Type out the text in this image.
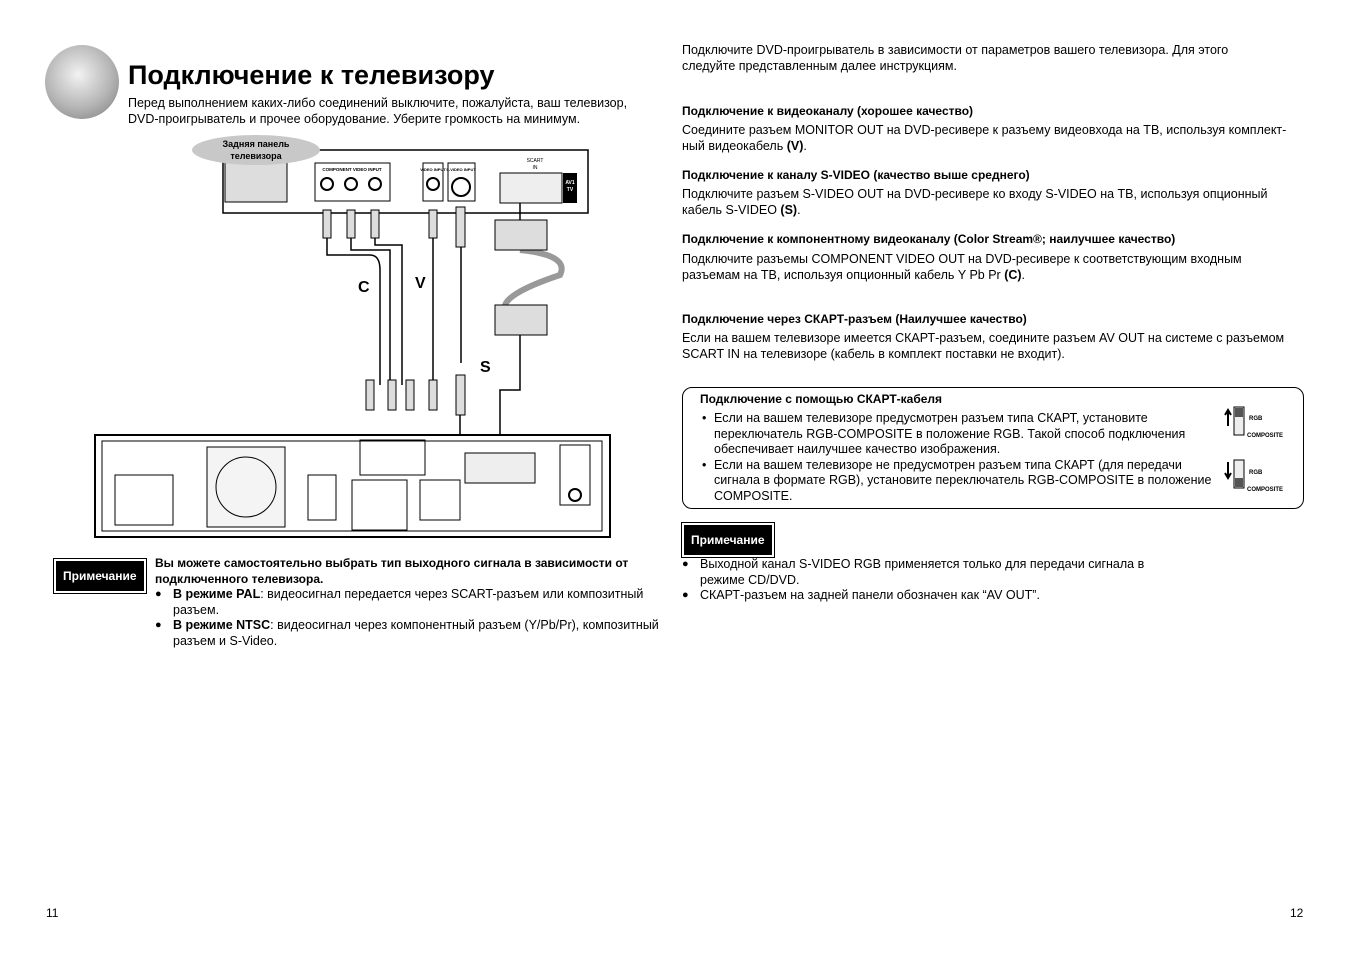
Подключение к телевизору
Перед выполнением каких-либо соединений выключите, пожалуйста, ваш телевизор, DVD-проигрыватель и прочее оборудование. Уберите громкость на минимум.
Задняя панель
телевизора
COMPONENT VIDEO INPUT	VIDEO INPUT S-VIDEO INPUT
SCART
IN
AV1
TV
C	V
S
Примечание
Вы можете самостоятельно выбрать тип выходного сигнала в зависимости от подключенного телевизора.
● В режиме PAL: видеосигнал передается через SCART-разъем или композитный разъем.
● В режиме NTSC: видеосигнал через компонентный разъем (Y/Pb/Pr), композитный разъем и S-Video.
11
Подключите DVD-проигрыватель в зависимости от параметров вашего телевизора. Для этого следуйте представленным далее инструкциям.
Подключение к видеоканалу (хорошее качество)
Соедините разъем MONITOR OUT на DVD-ресивере к разъему видеовхода на ТВ, используя комплект-ный видеокабель (V).
Подключение к каналу S-VIDEO (качество выше среднего)
Подключите разъем S-VIDEO OUT на DVD-ресивере ко входу S-VIDEO на ТВ, используя опционный кабель S-VIDEO (S).
Подключение к компонентному видеоканалу (Color Stream®; наилучшее качество)
Подключите разъемы COMPONENT VIDEO OUT на DVD-ресивере к соответствующим входным разъемам на ТВ, используя опционный кабель Y Pb Pr (C).
Подключение через СКАРТ-разъем (Наилучшее качество)
Если на вашем телевизоре имеется СКАРТ-разъем, соедините разъем AV OUT на системе с разъемом SCART IN на телевизоре (кабель в комплект поставки не входит).
Подключение с помощью СКАРТ-кабеля
• Если на вашем телевизоре предусмотрен разъем типа СКАРТ, установите переключатель RGB-COMPOSITE в положение RGB. Такой способ подключения обеспечивает наилучшее качество изображения.
• Если на вашем телевизоре не предусмотрен разъем типа СКАРТ (для передачи сигнала в формате RGB), установите переключатель RGB-COMPOSITE в положение COMPOSITE.
RGB
COMPOSITE
RGB
COMPOSITE
Примечание
● Выходной канал S-VIDEO RGB применяется только для передачи сигнала в режиме CD/DVD.
● СКАРТ-разъем на задней панели обозначен как “AV OUT”.
12
